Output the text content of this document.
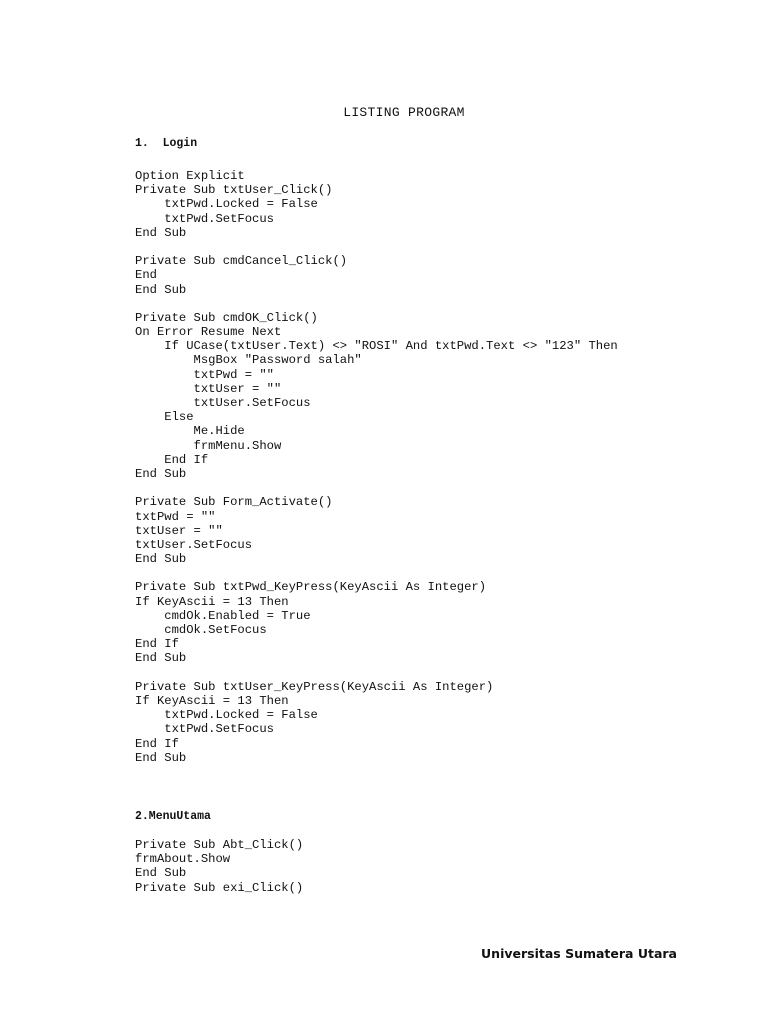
LISTING PROGRAM
1.  Login
Option Explicit
Private Sub txtUser_Click()
txtPwd.Locked = False
txtPwd.SetFocus
End Sub
Private Sub cmdCancel_Click()
End
End Sub
Private Sub cmdOK_Click()
On Error Resume Next
If UCase(txtUser.Text) <> "ROSI" And txtPwd.Text <> "123" Then
MsgBox "Password salah"
txtPwd = ""
txtUser = ""
txtUser.SetFocus
Else
Me.Hide
frmMenu.Show
End If
End Sub
Private Sub Form_Activate()
txtPwd = ""
txtUser = ""
txtUser.SetFocus
End Sub
Private Sub txtPwd_KeyPress(KeyAscii As Integer)
If KeyAscii = 13 Then
cmdOk.Enabled = True
cmdOk.SetFocus
End If
End Sub
Private Sub txtUser_KeyPress(KeyAscii As Integer)
If KeyAscii = 13 Then
txtPwd.Locked = False
txtPwd.SetFocus
End If
End Sub
2.MenuUtama
Private Sub Abt_Click()
frmAbout.Show
End Sub
Private Sub exi_Click()
Universitas Sumatera Utara
